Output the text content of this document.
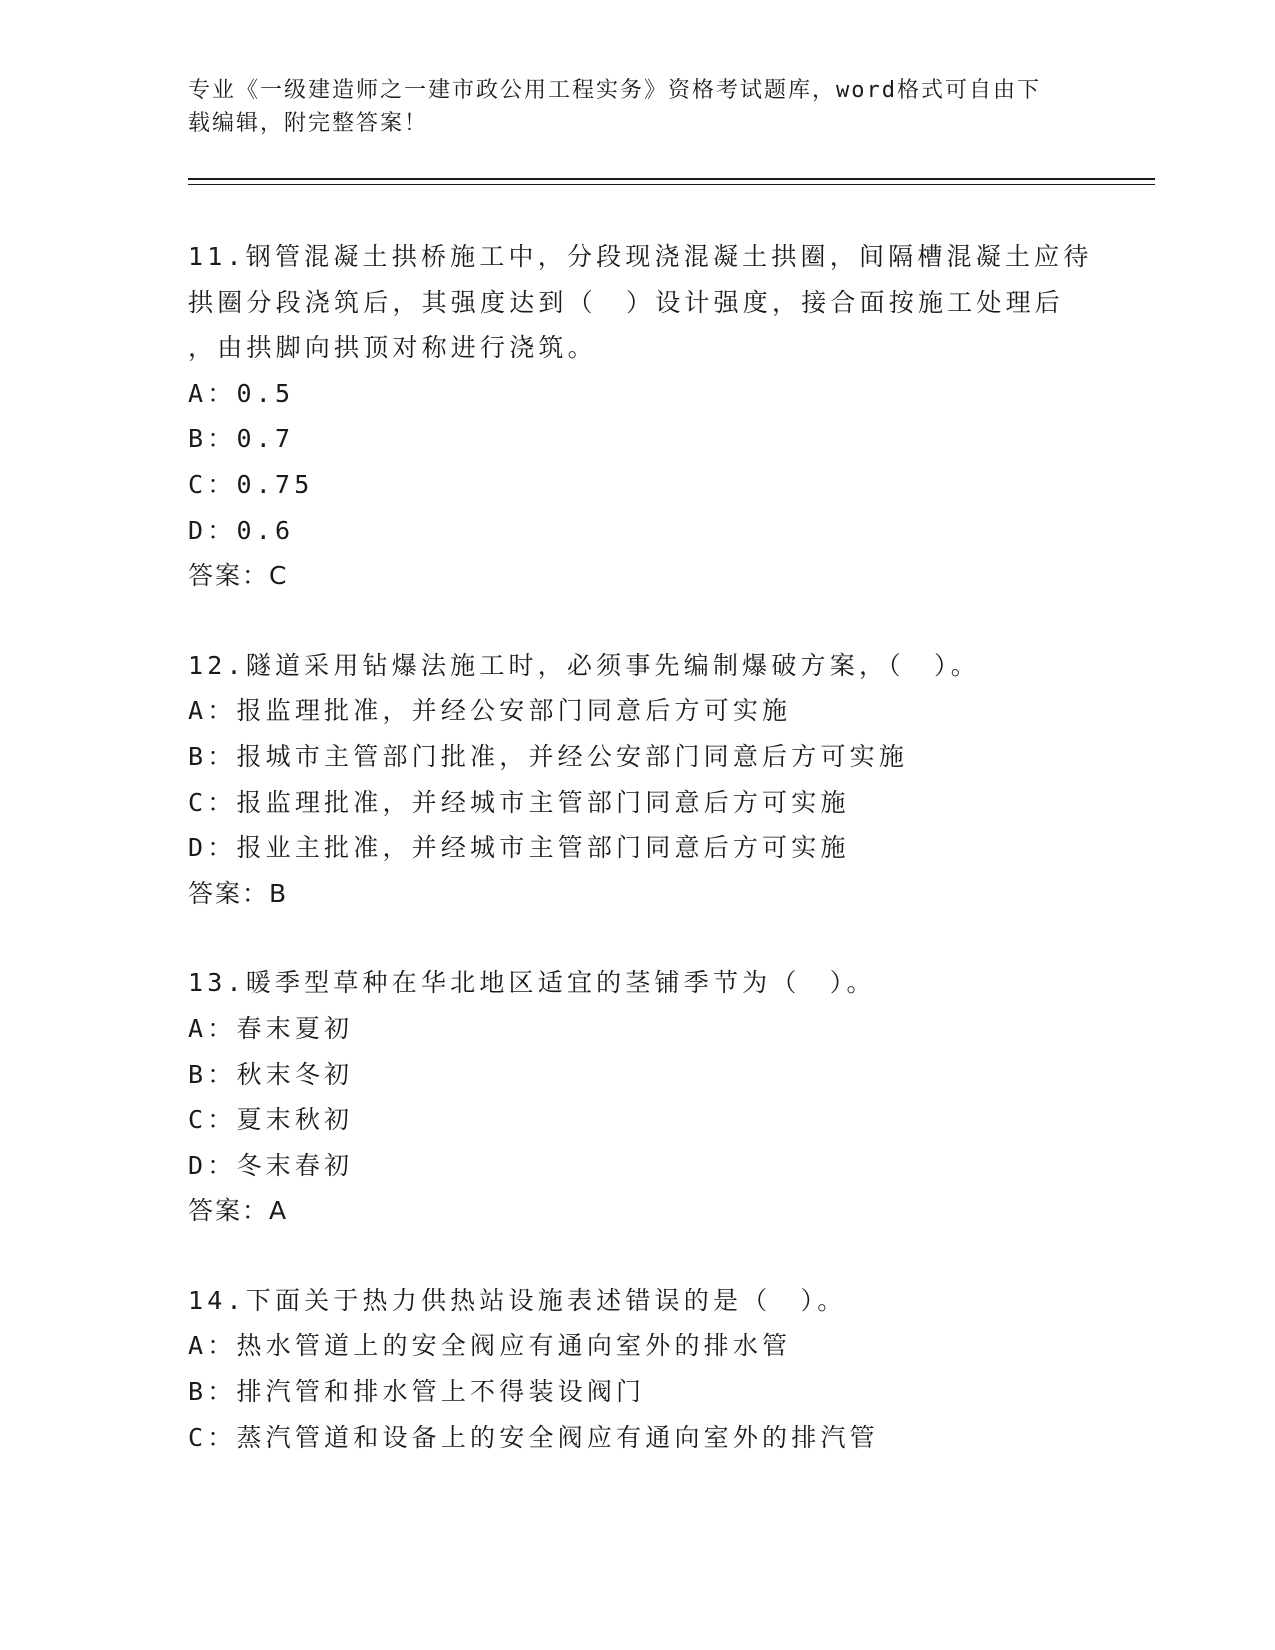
专业《一级建造师之一建市政公用工程实务》资格考试题库，word格式可自由下
载编辑，附完整答案！
11.钢管混凝土拱桥施工中，分段现浇混凝土拱圈，间隔槽混凝土应待
拱圈分段浇筑后，其强度达到（　）设计强度，接合面按施工处理后
，由拱脚向拱顶对称进行浇筑。
A：0.5
B：0.7
C：0.75
D：0.6
答案：C
12.隧道采用钻爆法施工时，必须事先编制爆破方案，（　）。
A：报监理批准，并经公安部门同意后方可实施
B：报城市主管部门批准，并经公安部门同意后方可实施
C：报监理批准，并经城市主管部门同意后方可实施
D：报业主批准，并经城市主管部门同意后方可实施
答案：B
13.暖季型草种在华北地区适宜的茎铺季节为（　）。
A：春末夏初
B：秋末冬初
C：夏末秋初
D：冬末春初
答案：A
14.下面关于热力供热站设施表述错误的是（　）。
A：热水管道上的安全阀应有通向室外的排水管
B：排汽管和排水管上不得装设阀门
C：蒸汽管道和设备上的安全阀应有通向室外的排汽管
